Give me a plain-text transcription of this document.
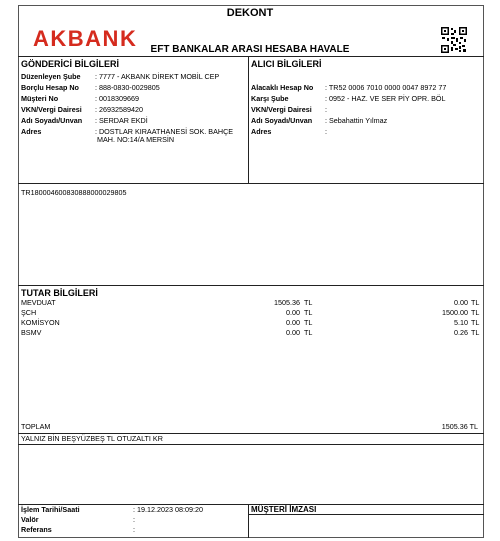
AKBANK
DEKONT
EFT BANKALAR ARASI HESABA HAVALE
GÖNDERİCİ BİLGİLERİ
Düzenleyen Şube : 7777 - AKBANK DİREKT MOBİL CEP
Borçlu Hesap No : 888-0830-0029805
Müşteri No	: 0018309669
VKN/Vergi Dairesi : 26932589420
Adı Soyadı/Unvan : SERDAR EKDİ
Adres	: DOSTLAR KIRAATHANESİ SOK. BAHÇE
MAH. NO:14/A MERSİN
ALICI BİLGİLERİ
Alacaklı Hesap No : TR52 0006 7010 0000 0047 8972 77
Karşı Şube	: 0952 - HAZ. VE SER PİY OPR. BÖL
VKN/Vergi Dairesi :
Adı Soyadı/Unvan : Sebahattin Yılmaz
Adres	:
TR180004600830888000029805
TUTAR BİLGİLERİ
MEVDUAT	1505.36 TL	0.00 TL
ŞCH	0.00 TL	1500.00 TL
KOMİSYON	0.00 TL	5.10 TL
BSMV	0.00 TL	0.26 TL
TOPLAM	1505.36 TL
YALNIZ BİN BEŞYÜZBEŞ TL OTUZALTI KR
İşlem Tarihi/Saati	: 19.12.2023 08:09:20
Valör	:
Referans	:
MÜŞTERİ İMZASI
